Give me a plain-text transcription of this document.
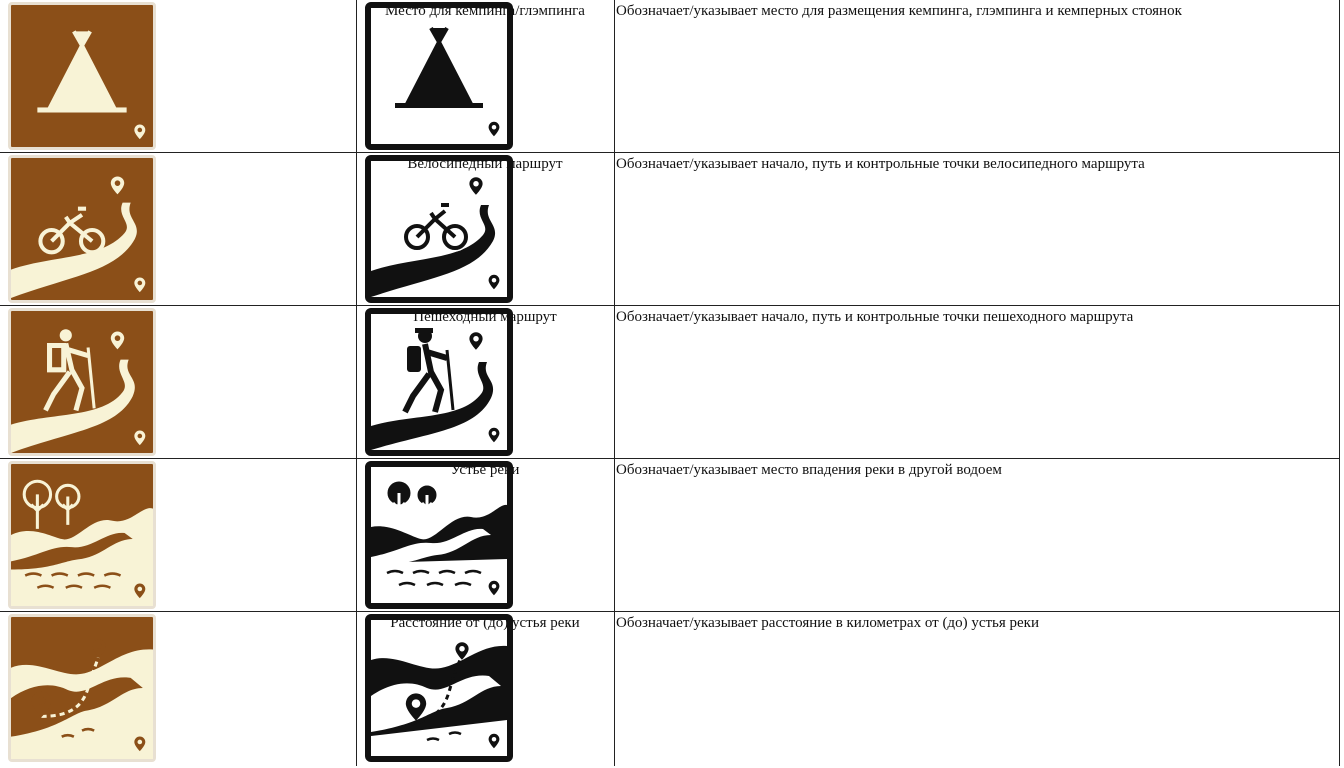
Место для кемпинга/глэмпинга	Обозначает/указывает место для размещения кемпинга, глэмпинга и кемперных стоянок
Велосипедный маршрут	Обозначает/указывает начало, путь и контрольные точки велосипедного маршрута
Пешеходный маршрут	Обозначает/указывает начало, путь и контрольные точки пешеходного маршрута
Устье реки	Обозначает/указывает место впадения реки в другой водоем
Расстояние от (до) устья реки	Обозначает/указывает расстояние в километрах от (до) устья реки
